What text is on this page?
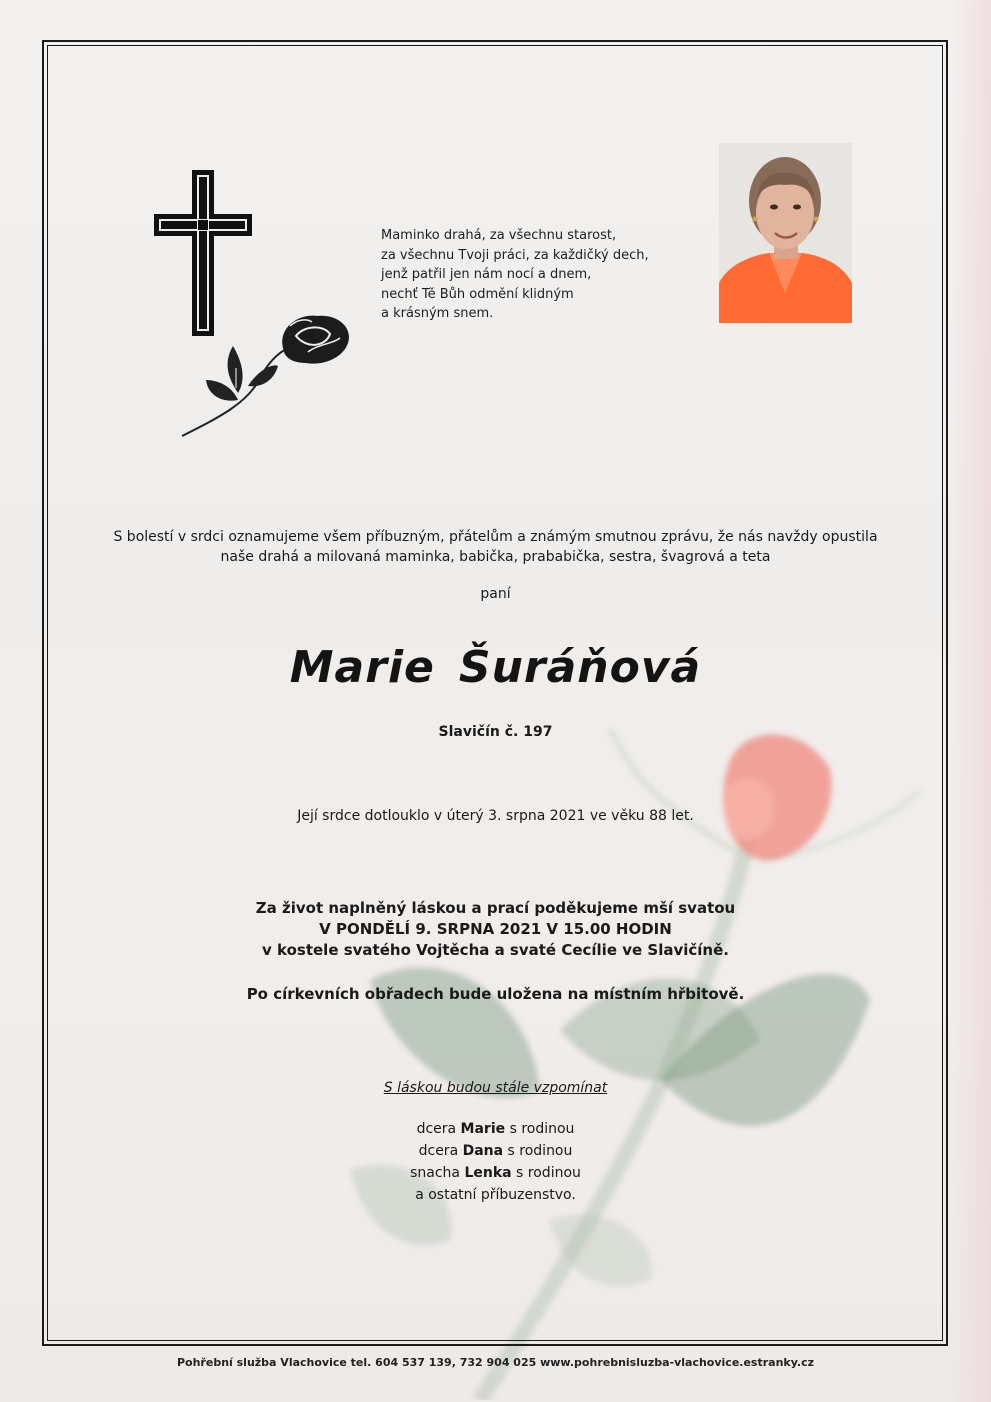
Maminko drahá, za všechnu starost,
za všechnu Tvoji práci, za každičký dech,
jenž patřil jen nám nocí a dnem,
nechť Tě Bůh odmění klidným
a krásným snem.
S bolestí v srdci oznamujeme všem příbuzným, přátelům a známým smutnou zprávu, že nás navždy opustila
naše drahá a milovaná maminka, babička, prababička, sestra, švagrová a teta
paní
Marie Šuráňová
Slavičín č. 197
Její srdce dotlouklo v úterý 3. srpna 2021 ve věku 88 let.
Za život naplněný láskou a prací poděkujeme mší svatou
V PONDĚLÍ 9. SRPNA 2021 V 15.00 HODIN
v kostele svatého Vojtěcha a svaté Cecílie ve Slavičíně.
Po církevních obřadech bude uložena na místním hřbitově.
S láskou budou stále vzpomínat
dcera Marie s rodinou
dcera Dana s rodinou
snacha Lenka s rodinou
a ostatní příbuzenstvo.
Pohřební služba Vlachovice tel. 604 537 139, 732 904 025 www.pohrebnisluzba-vlachovice.estranky.cz
